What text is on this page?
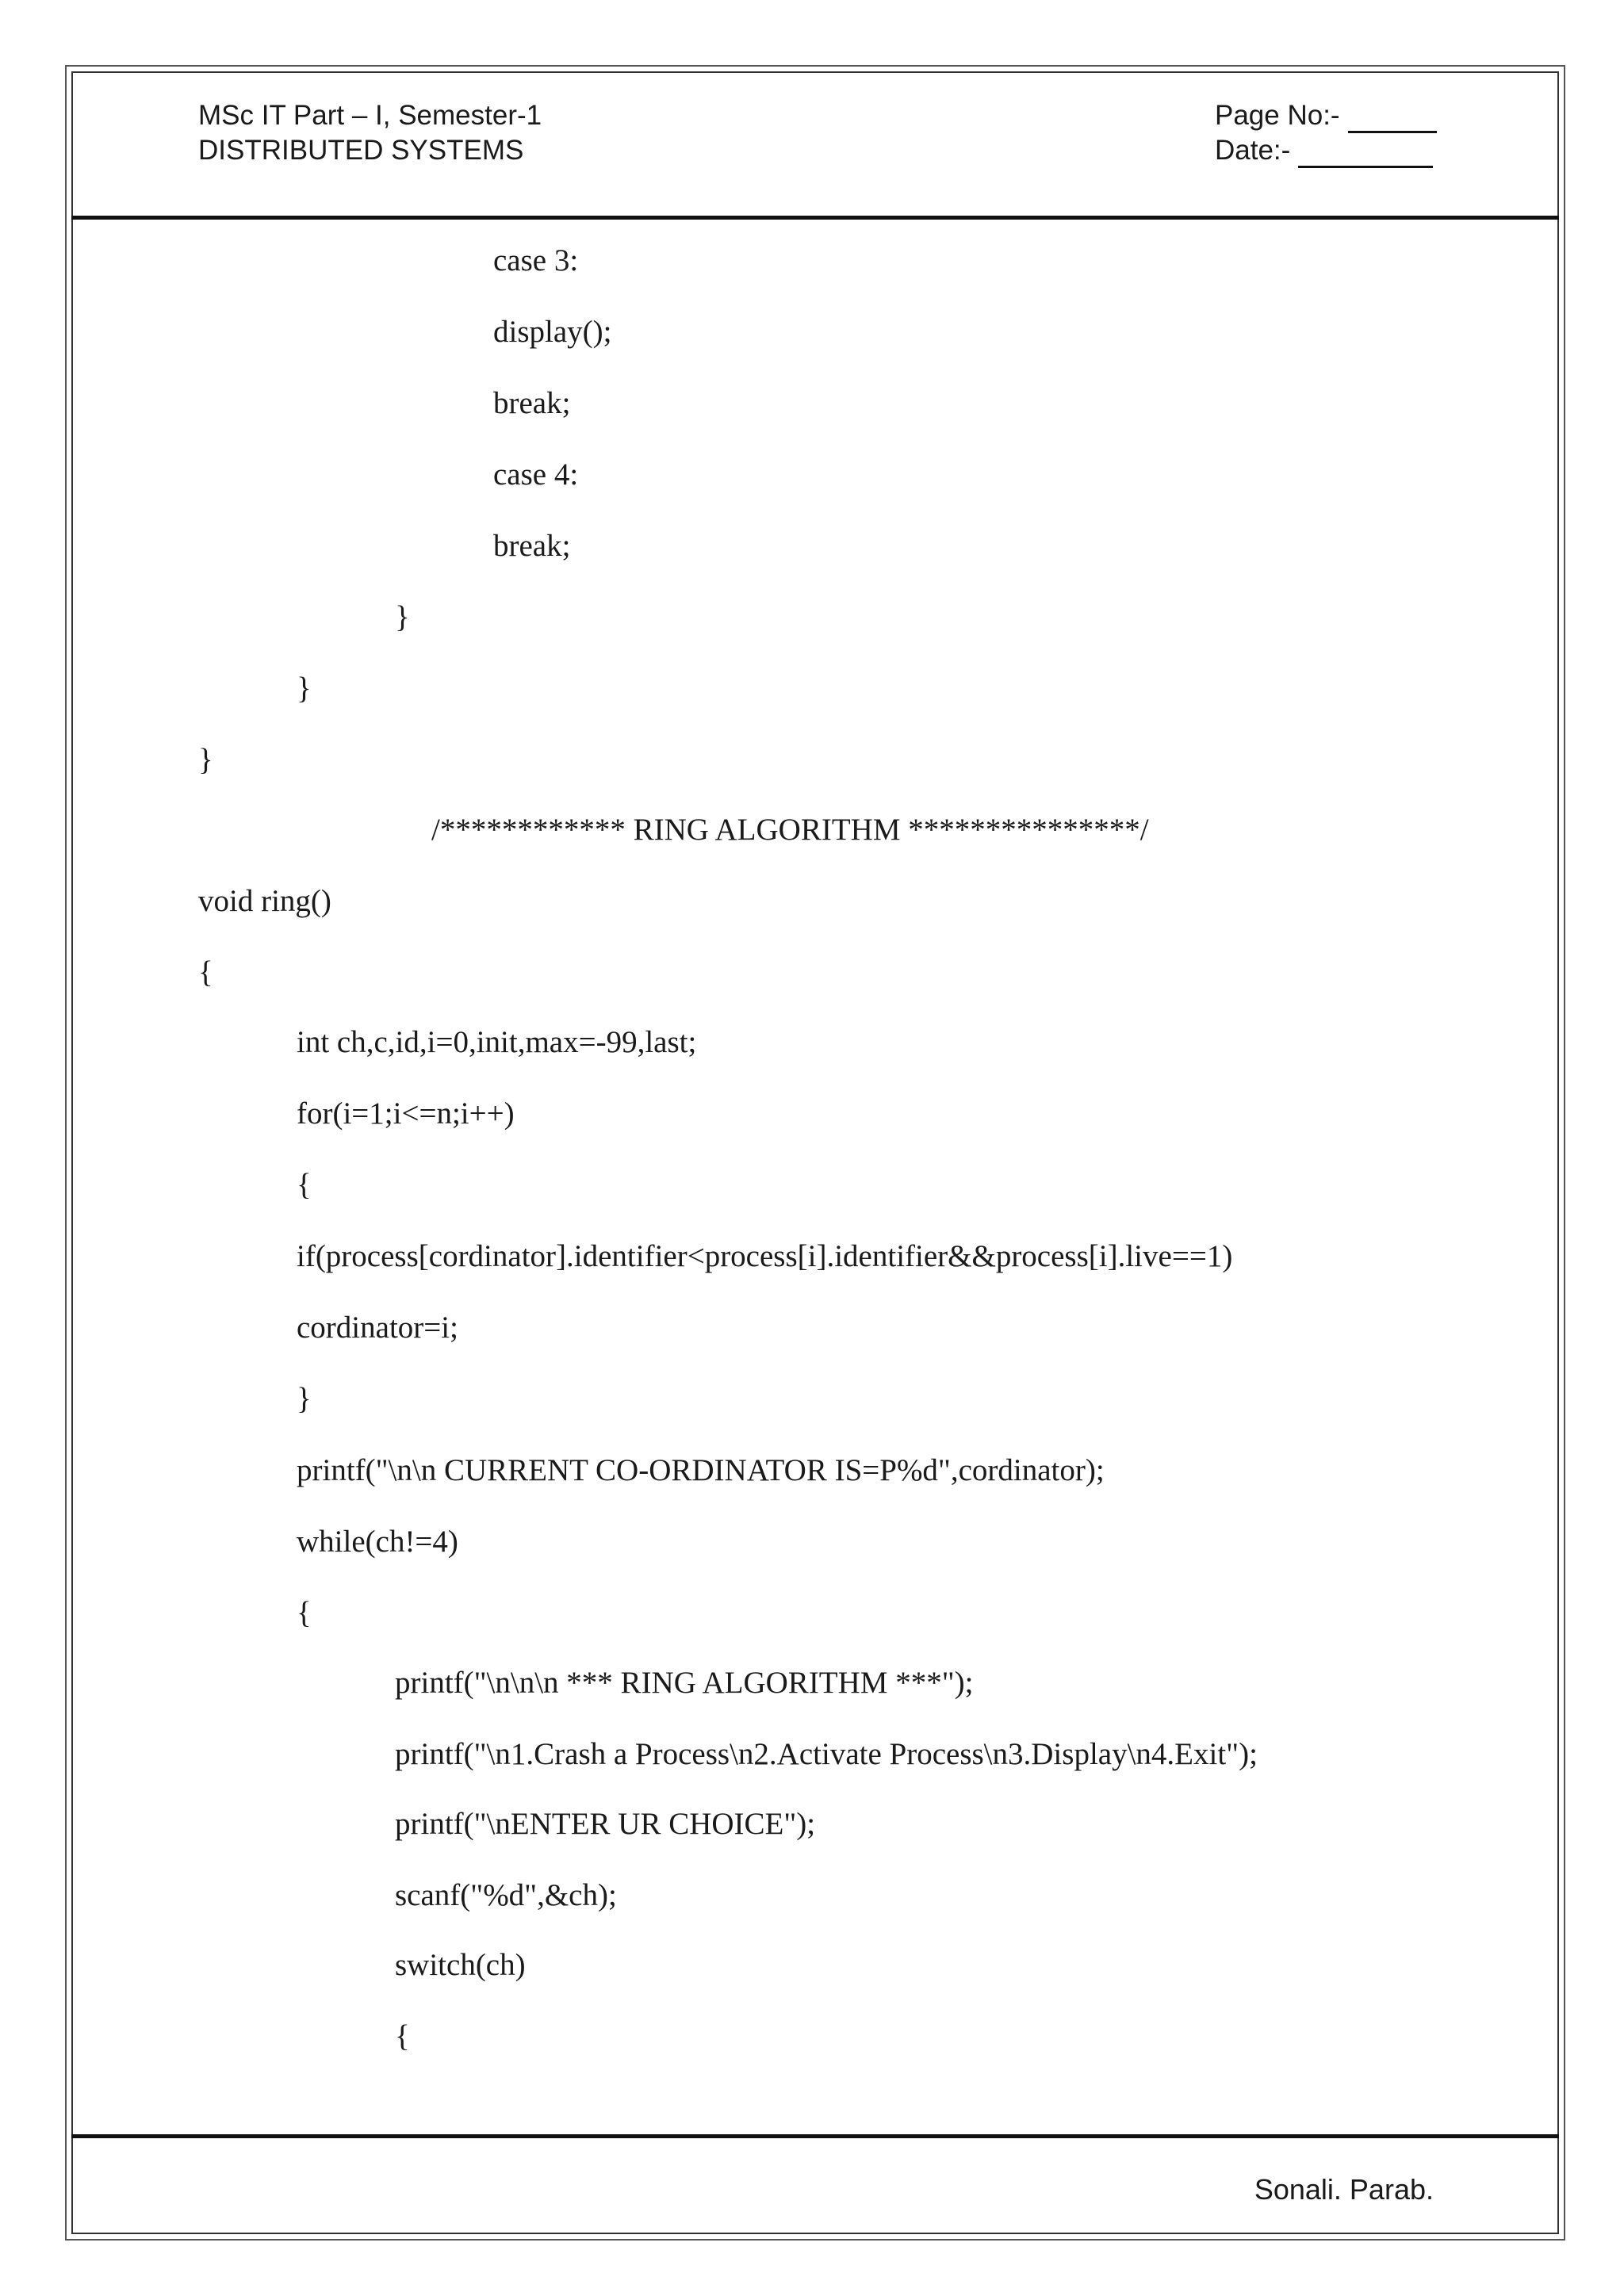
MSc IT Part – I, Semester-1
DISTRIBUTED SYSTEMS
Page No:-
Date:-
case 3:
display();
break;
case 4:
break;
}
}
}
/************ RING ALGORITHM ***************/
void ring()
{
int ch,c,id,i=0,init,max=-99,last;
for(i=1;i<=n;i++)
{
if(process[cordinator].identifier<process[i].identifier&&process[i].live==1)
cordinator=i;
}
printf("\n\n CURRENT CO-ORDINATOR IS=P%d",cordinator);
while(ch!=4)
{
printf("\n\n\n *** RING ALGORITHM ***");
printf("\n1.Crash a Process\n2.Activate Process\n3.Display\n4.Exit");
printf("\nENTER UR CHOICE");
scanf("%d",&ch);
switch(ch)
{
Sonali. Parab.
